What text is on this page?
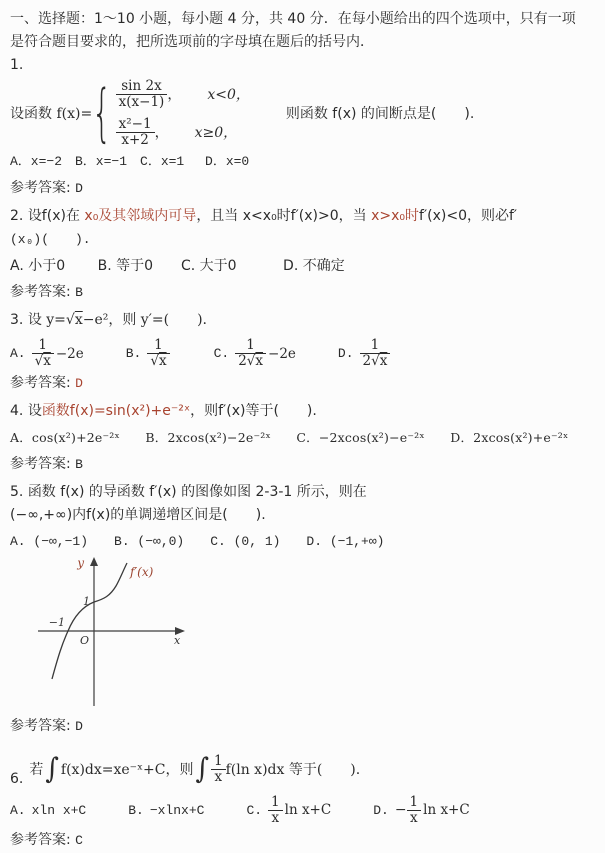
一、选择题：1～10 小题，每小题 4 分，共 40 分．在每小题给出的四个选项中，只有一项
是符合题目要求的，把所选项前的字母填在题后的括号内．
1.
设函数 f(x)= { $\frac{\sin 2x}{x(x-1)}$ ， x<0，
$\frac{\text{x²−1}}{x+2}$ ， x≥0，
则函数 f(x) 的间断点是(　　).
A．x=−2　B．x=−1　C．x=1　 D．x=0
参考答案: D
2. 设f(x)在 x₀及其邻域内可导，且当 x<x₀时f′(x)>0，当 x>x₀时f′(x)<0，则必f′
(x₀)(　　).
A. 小于0　　 B. 等于0　　C. 大于0　　　 D. 不确定
参考答案: B
3. 设 y=√x−e²，则 y′=(　　).
A. $\frac{1}{√x} -2e$	B. $\frac{1}{√x}$	C. $\frac{1}{2√x} -2e$	D. $\frac{1}{2√x}$
参考答案: D
4. 设函数f(x)=sin(x²)+e⁻²ˣ，则f′(x)等于(　　).
A．cos(x²)+2e⁻²ˣ　　B．2xcos(x²)−2e⁻²ˣ　　C．−2xcos(x²)−e⁻²ˣ　　D．2xcos(x²)+e⁻²ˣ
参考答案: B
5. 函数 f(x) 的导函数 f′(x) 的图像如图 2-3-1 所示，则在
(−∞,+∞)内f(x)的单调递增区间是(　　).
A. (−∞,−1)　　B. (−∞,0)　　C. (0, 1)　　D. (−1,+∞)
y
x
O
1
−1
f′(x)
参考答案: D
6.
若 ∫ f(x)dx=xe⁻ˣ+C，则 ∫ $\frac{1}{x} f(\ln$ x)dx 等于(　　).
A. xln x+C	B. −xlnx+C	C. $\frac{1}{x}$ ln x+C	D. − $\frac{1}{x}$ ln x+C
参考答案: C
